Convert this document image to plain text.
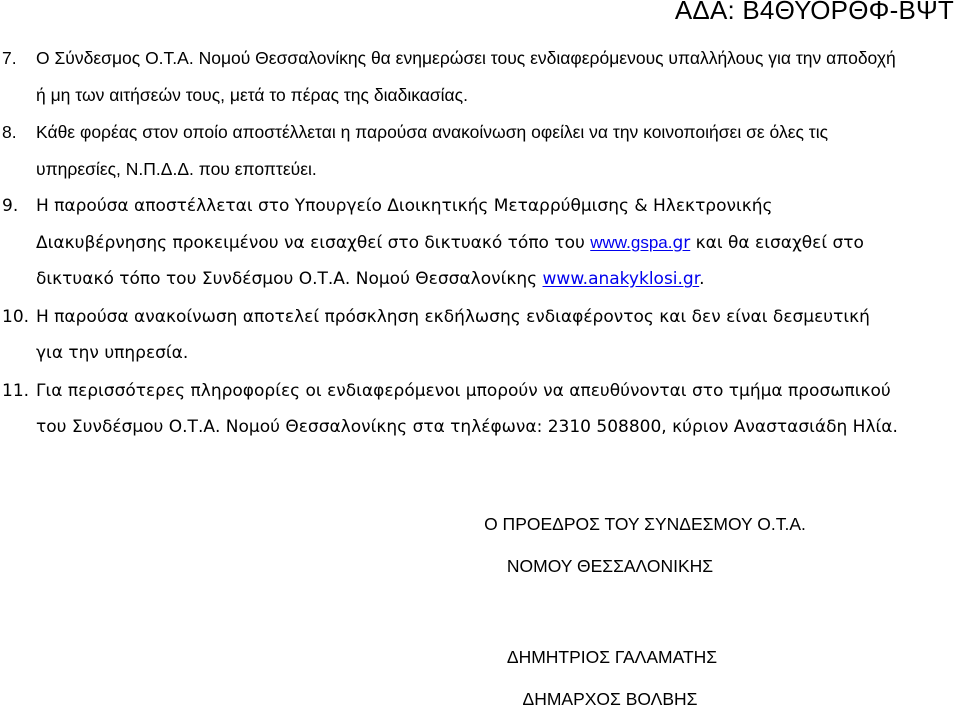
ΑΔΑ: Β4ΘΥΟΡΘΦ-ΒΨΤ
7. Ο Σύνδεσμος Ο.Τ.Α. Νομού Θεσσαλονίκης θα ενημερώσει τους ενδιαφερόμενους υπαλλήλους για την αποδοχή ή μη των αιτήσεών τους, μετά το πέρας της διαδικασίας.
8. Κάθε φορέας στον οποίο αποστέλλεται η παρούσα ανακοίνωση οφείλει να την κοινοποιήσει σε όλες τις υπηρεσίες, Ν.Π.Δ.Δ. που εποπτεύει.
9. Η παρούσα αποστέλλεται στο Υπουργείο Διοικητικής Μεταρρύθμισης & Ηλεκτρονικής Διακυβέρνησης προκειμένου να εισαχθεί στο δικτυακό τόπο του www.gspa.gr και θα εισαχθεί στο δικτυακό τόπο του Συνδέσμου Ο.Τ.Α. Νομού Θεσσαλονίκης www.anakyklosi.gr.
10. Η παρούσα ανακοίνωση αποτελεί πρόσκληση εκδήλωσης ενδιαφέροντος και δεν είναι δεσμευτική για την υπηρεσία.
11. Για περισσότερες πληροφορίες οι ενδιαφερόμενοι μπορούν να απευθύνονται στο τμήμα προσωπικού του Συνδέσμου Ο.Τ.Α. Νομού Θεσσαλονίκης στα τηλέφωνα: 2310 508800, κύριον Αναστασιάδη Ηλία.
Ο ΠΡΟΕΔΡΟΣ ΤΟΥ ΣΥΝΔΕΣΜΟΥ Ο.Τ.Α.
ΝΟΜΟΥ ΘΕΣΣΑΛΟΝΙΚΗΣ
ΔΗΜΗΤΡΙΟΣ ΓΑΛΑΜΑΤΗΣ
ΔΗΜΑΡΧΟΣ ΒΟΛΒΗΣ
